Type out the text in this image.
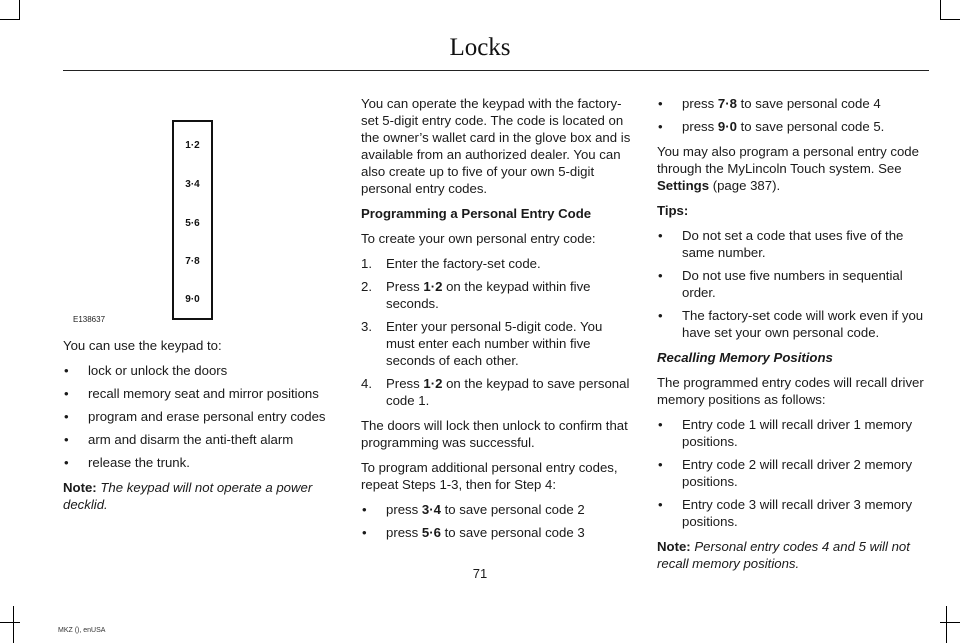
Locks
1·2
3·4
5·6
7·8
9·0
E138637

You can use the keypad to:

• lock or unlock the doors
• recall memory seat and mirror positions
• program and erase personal entry codes
• arm and disarm the anti-theft alarm
• release the trunk.

Note: The keypad will not operate a power decklid.

You can operate the keypad with the factory-set 5-digit entry code. The code is located on the owner’s wallet card in the glove box and is available from an authorized dealer. You can also create up to five of your own 5-digit personal entry codes.

Programming a Personal Entry Code

To create your own personal entry code:

1. Enter the factory-set code.
2. Press 1·2 on the keypad within five seconds.
3. Enter your personal 5-digit code. You must enter each number within five seconds of each other.
4. Press 1·2 on the keypad to save personal code 1.

The doors will lock then unlock to confirm that programming was successful.

To program additional personal entry codes, repeat Steps 1-3, then for Step 4:

• press 3·4 to save personal code 2
• press 5·6 to save personal code 3
• press 7·8 to save personal code 4
• press 9·0 to save personal code 5.

You may also program a personal entry code through the MyLincoln Touch system. See Settings (page 387).

Tips:

• Do not set a code that uses five of the same number.
• Do not use five numbers in sequential order.
• The factory-set code will work even if you have set your own personal code.

Recalling Memory Positions

The programmed entry codes will recall driver memory positions as follows:

• Entry code 1 will recall driver 1 memory positions.
• Entry code 2 will recall driver 2 memory positions.
• Entry code 3 will recall driver 3 memory positions.

Note: Personal entry codes 4 and 5 will not recall memory positions.

71
MKZ (), enUSA
